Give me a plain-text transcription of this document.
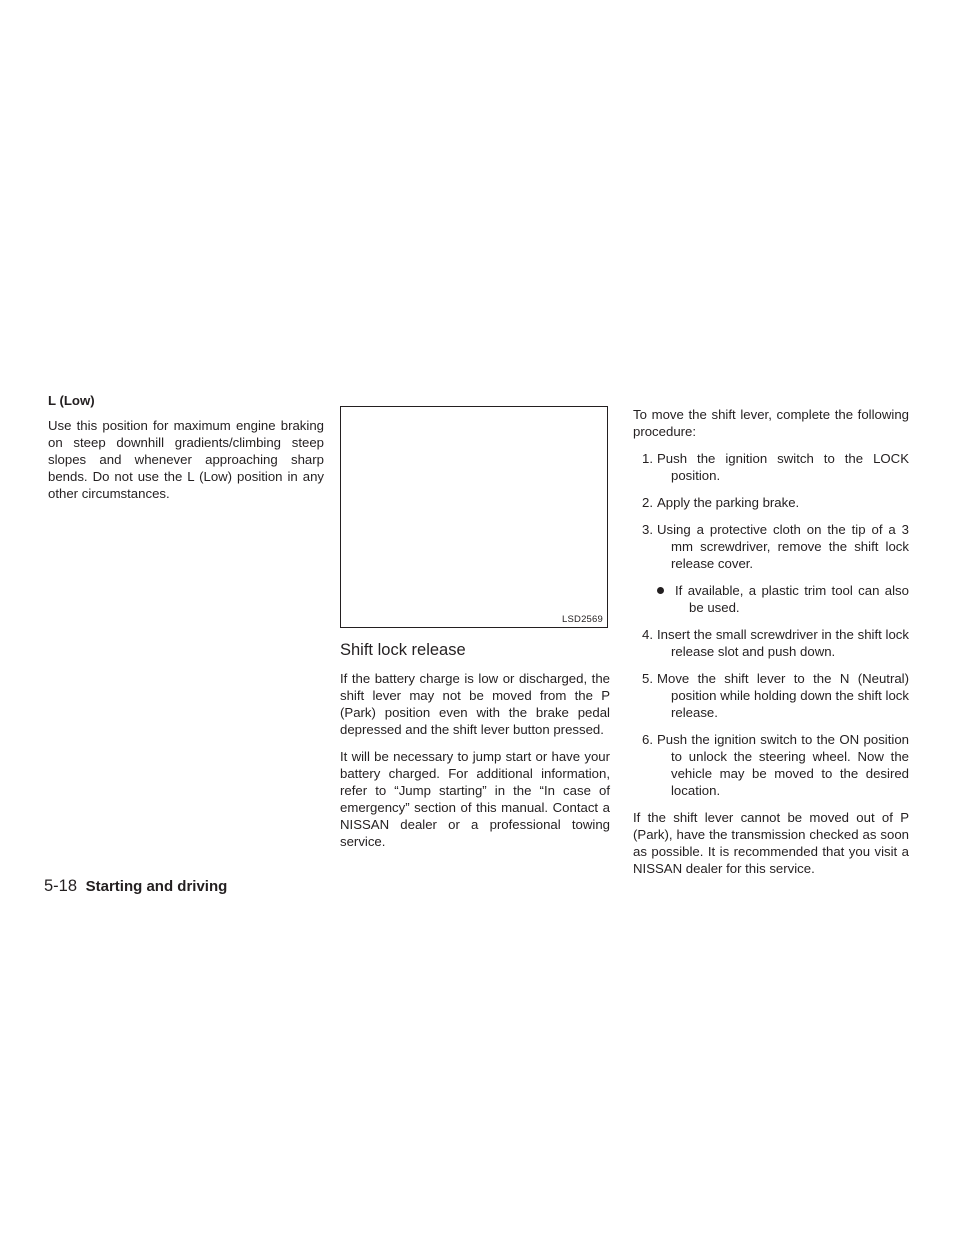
L (Low)

Use this position for maximum engine braking on steep downhill gradients/climbing steep slopes and whenever approaching sharp bends. Do not use the L (Low) position in any other circumstances.

LSD2569
Shift lock release

If the battery charge is low or discharged, the shift lever may not be moved from the P (Park) position even with the brake pedal depressed and the shift lever button pressed.

It will be necessary to jump start or have your battery charged. For additional information, refer to “Jump starting” in the “In case of emergency” section of this manual. Contact a NISSAN dealer or a professional towing service.

To move the shift lever, complete the following procedure:

1. Push the ignition switch to the LOCK position.
2. Apply the parking brake.
3. Using a protective cloth on the tip of a 3 mm screwdriver, remove the shift lock release cover.
If available, a plastic trim tool can also be used.
4. Insert the small screwdriver in the shift lock release slot and push down.
5. Move the shift lever to the N (Neutral) position while holding down the shift lock release.
6. Push the ignition switch to the ON position to unlock the steering wheel. Now the vehicle may be moved to the desired location.

If the shift lever cannot be moved out of P (Park), have the transmission checked as soon as possible. It is recommended that you visit a NISSAN dealer for this service.

5-18 Starting and driving
